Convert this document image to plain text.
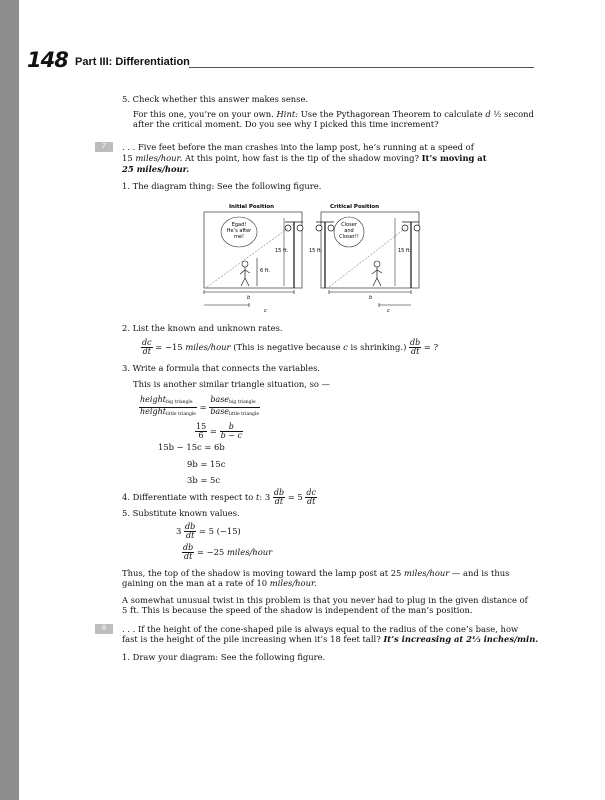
148 Part III: Differentiation
5. Check whether this answer makes sense.
For this one, you’re on your own. Hint: Use the Pythagorean Theorem to calculate d ½ second
after the critical moment. Do you see why I picked this time increment?
7	. . . Five feet before the man crashes into the lamp post, he’s running at a speed of
15 miles/hour. At this point, how fast is the tip of the shadow moving? It’s moving at
25 miles/hour.
1. The diagram thing: See the following figure.
Initial Position	Critical Position
Egad!
He’s after
me!
6 ft.
15 ft.
b
c
Closer
and
Closer!!
15 ft.	15 ft.
b
c
2. List the known and unknown rates.
$\frac{dc}{dt} = -15$ miles/hour (This is negative because c is shrinking.) $\frac{db}{dt}$ = ?
3. Write a formula that connects the variables.
This is another similar triangle situation, so —
$\frac{height_{big triangle}}{height_{little triangle}} = \frac{base_{big triangle}}{base_{little triangle}}$
$\frac{15}{6} = \frac{b}{b - c}$
15b − 15c = 6b
9b = 15c
3b = 5c
4. Differentiate with respect to t: $3 \frac{db}{dt} = 5 \frac{dc}{dt}$
5. Substitute known values.
$3 \frac{db}{dt} = 5$ (−15)
$\frac{db}{dt} = -25$ miles/hour
Thus, the top of the shadow is moving toward the lamp post at 25 miles/hour — and is thus
gaining on the man at a rate of 10 miles/hour.
A somewhat unusual twist in this problem is that you never had to plug in the given distance of
5 ft. This is because the speed of the shadow is independent of the man’s position.
8	. . . If the height of the cone-shaped pile is always equal to the radius of the cone’s base, how
fast is the height of the pile increasing when it’s 18 feet tall? It’s increasing at 2⅓ inches/min.
1. Draw your diagram: See the following figure.
